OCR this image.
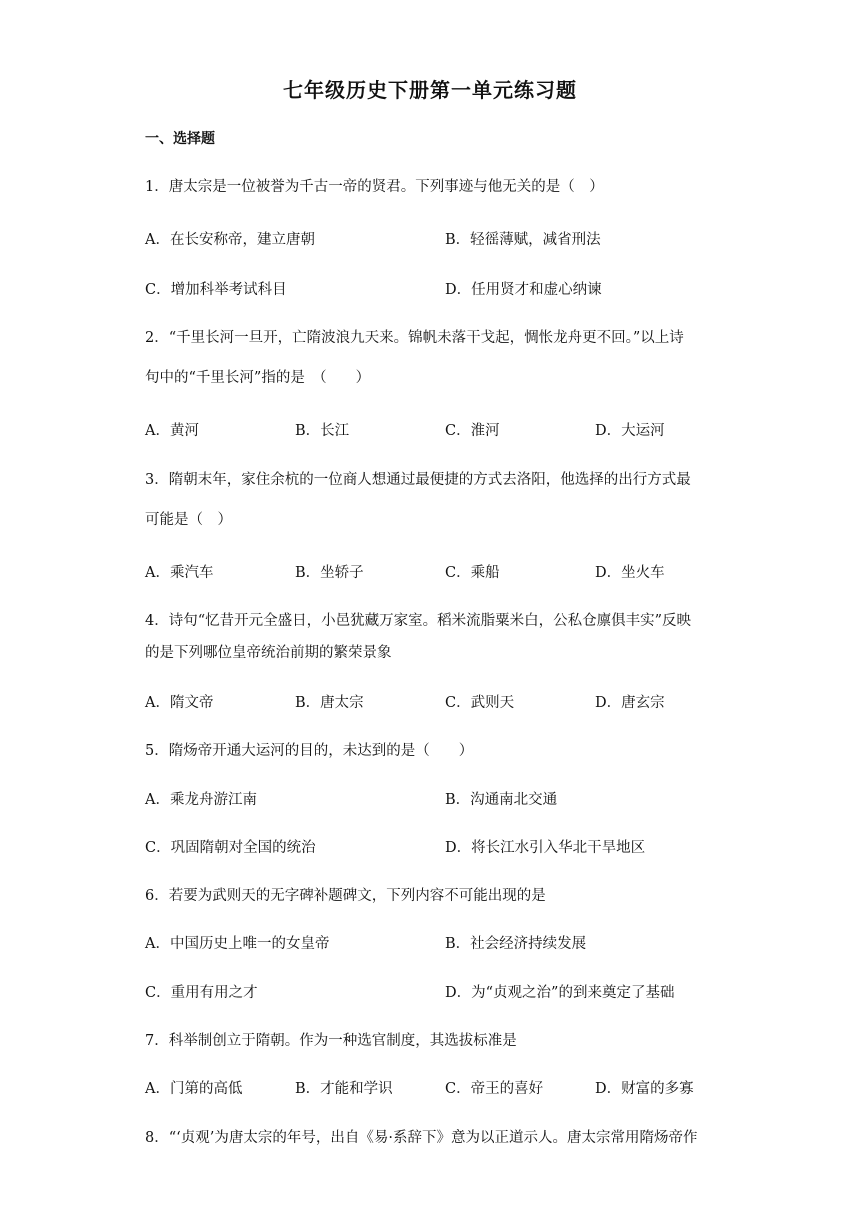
七年级历史下册第一单元练习题
一、选择题
1．唐太宗是一位被誉为千古一帝的贤君。下列事迹与他无关的是（　）
A．在长安称帝，建立唐朝	B．轻徭薄赋，减省刑法
C．增加科举考试科目	D．任用贤才和虚心纳谏
2．“千里长河一旦开，亡隋波浪九天来。锦帆未落干戈起，惆怅龙舟更不回。”以上诗
句中的“千里长河”指的是　（　　）
A．黄河	B．长江	C．淮河	D．大运河
3．隋朝末年，家住余杭的一位商人想通过最便捷的方式去洛阳，他选择的出行方式最
可能是（　）
A．乘汽车	B．坐轿子	C．乘船	D．坐火车
4．诗句“忆昔开元全盛日，小邑犹藏万家室。稻米流脂粟米白，公私仓廪俱丰实”反映
的是下列哪位皇帝统治前期的繁荣景象
A．隋文帝	B．唐太宗	C．武则天	D．唐玄宗
5．隋炀帝开通大运河的目的，未达到的是（　　）
A．乘龙舟游江南	B．沟通南北交通
C．巩固隋朝对全国的统治	D．将长江水引入华北干旱地区
6．若要为武则天的无字碑补题碑文，下列内容不可能出现的是
A．中国历史上唯一的女皇帝	B．社会经济持续发展
C．重用有用之才	D．为“贞观之治”的到来奠定了基础
7．科举制创立于隋朝。作为一种选官制度，其选拔标准是
A．门第的高低	B．才能和学识	C．帝王的喜好	D．财富的多寡
8．“‘贞观’为唐太宗的年号，出自《易·系辞下》意为以正道示人。唐太宗常用隋炀帝作
